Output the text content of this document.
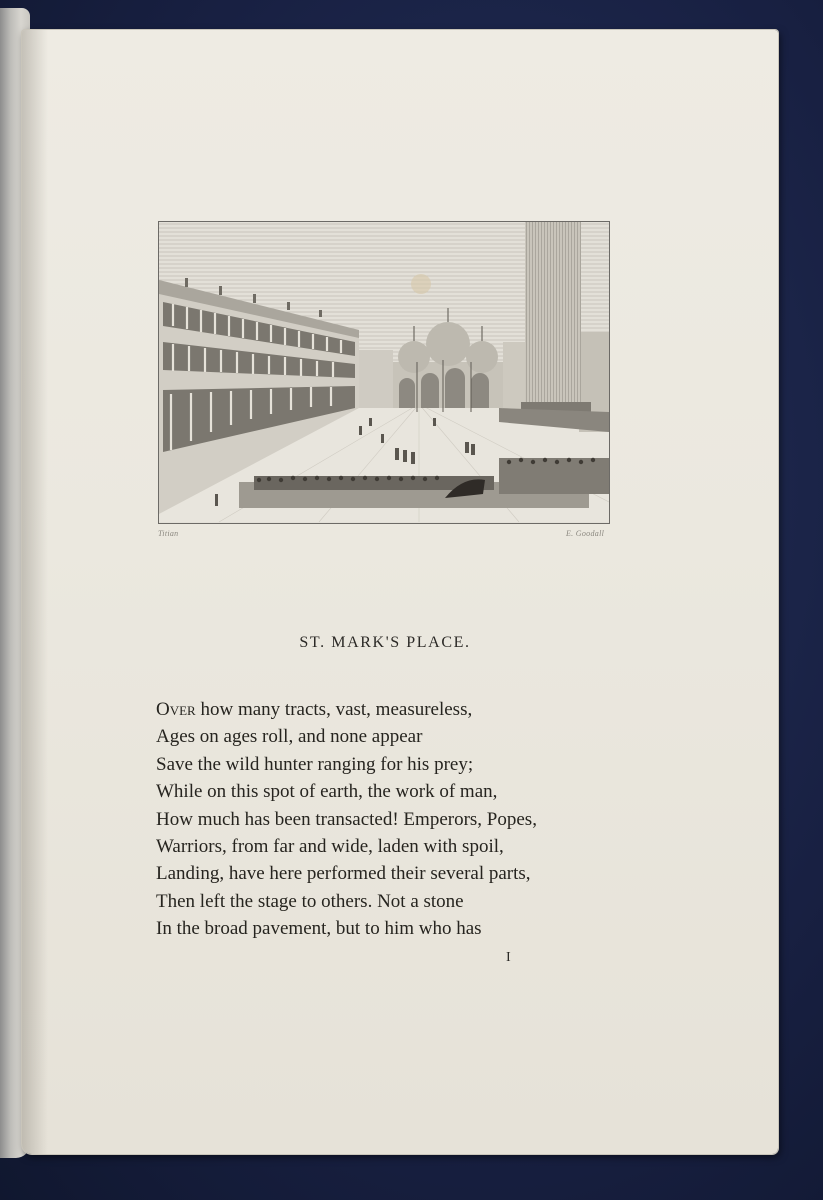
Titian	E. Goodall
ST. MARK'S PLACE.
Over how many tracts, vast, measureless,
Ages on ages roll, and none appear
Save the wild hunter ranging for his prey;
While on this spot of earth, the work of man,
How much has been transacted! Emperors, Popes,
Warriors, from far and wide, laden with spoil,
Landing, have here performed their several parts,
Then left the stage to others. Not a stone
In the broad pavement, but to him who has
I
